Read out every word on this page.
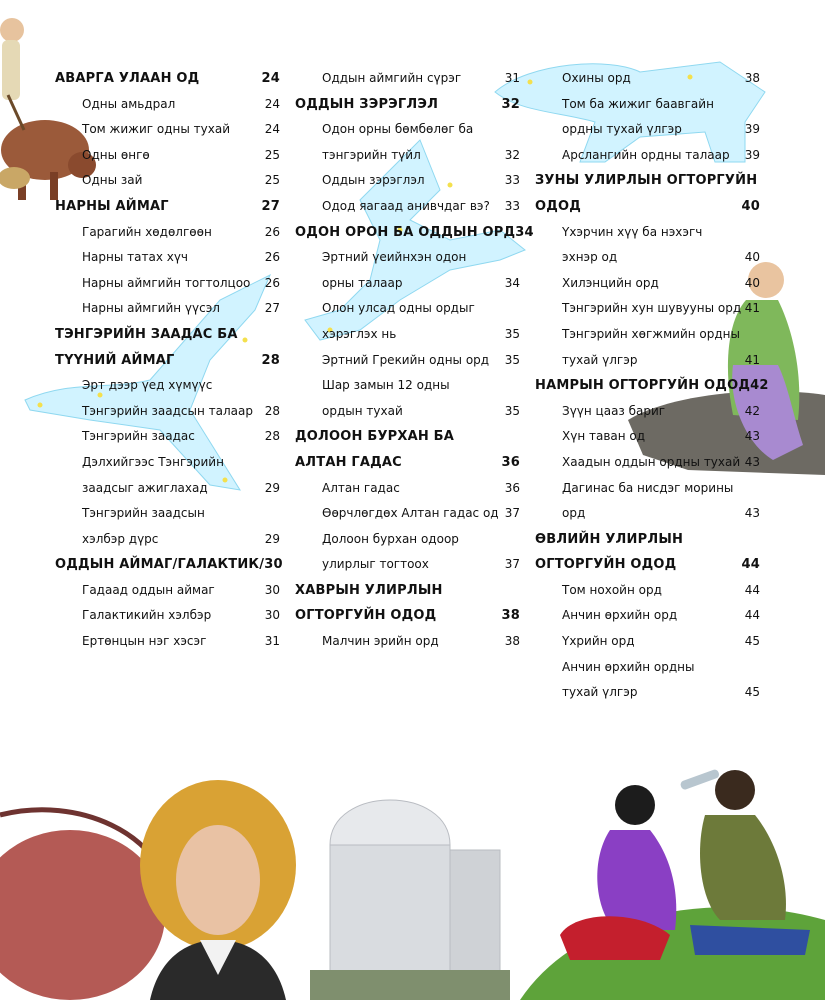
АВАРГА УЛААН ОД	24
Одны амьдрал	24
Том жижиг одны тухай	24
Одны өнгө	25
Одны зай	25
НАРНЫ АЙМАГ	27
Гарагийн хөдөлгөөн	26
Нарны татах хүч	26
Нарны аймгийн тогтолцоо 26
Нарны аймгийн үүсэл	27
ТЭНГЭРИЙН ЗААДАС БА
ТҮҮНИЙ АЙМАГ	28
Эрт дээр үед хүмүүс
Тэнгэрийн заадсын талаар 28
Тэнгэрийн заадас	28
Дэлхийгээс Тэнгэрийн
заадсыг ажиглахад	29
Тэнгэрийн заадсын
хэлбэр дүрс	29
ОДДЫН АЙМАГ/ГАЛАКТИК/ 30
Гадаад оддын аймаг	30
Галактикийн хэлбэр	30
Ертөнцын нэг хэсэг	31
Оддын аймгийн сүрэг	31
ОДДЫН ЗЭРЭГЛЭЛ	32
Одон орны бөмбөлөг ба
тэнгэрийн түйл	32
Оддын зэрэглэл	33
Одод яагаад анивчдаг вэ? 33
ОДОН ОРОН БА ОДДЫН ОРД 34
Эртний үеийнхэн одон
орны талаар	34
Олон улсад одны ордыг
хэрэглэх нь	35
Эртний Грекийн одны орд 35
Шар замын 12 одны
ордын тухай	35
ДОЛООН БУРХАН БА
АЛТАН ГАДАС	36
Алтан гадас	36
Өөрчлөгдөх Алтан гадас од 37
Долоон бурхан одоор
улирлыг тогтоох	37
ХАВРЫН УЛИРЛЫН
ОГТОРГУЙН ОДОД	38
Малчин эрийн орд	38
Охины орд	38
Том ба жижиг баавгайн
ордны тухай үлгэр	39
Арслангийн ордны талаар 39
ЗУНЫ УЛИРЛЫН ОГТОРГУЙН
ОДОД	40
Үхэрчин хүү ба нэхэгч
эхнэр од	40
Хилэнцийн орд	40
Тэнгэрийн хун шувууны орд 41
Тэнгэрийн хөгжмийн ордны
тухай үлгэр	41
НАМРЫН ОГТОРГУЙН ОДОД 42
Зүүн цааз бариг	42
Хүн таван од	43
Хаадын оддын ордны тухай 43
Дагинас ба нисдэг морины
орд	43
ӨВЛИЙН УЛИРЛЫН
ОГТОРГУЙН ОДОД	44
Том нохойн орд	44
Анчин өрхийн орд	44
Үхрийн орд	45
Анчин өрхийн ордны
тухай үлгэр	45
